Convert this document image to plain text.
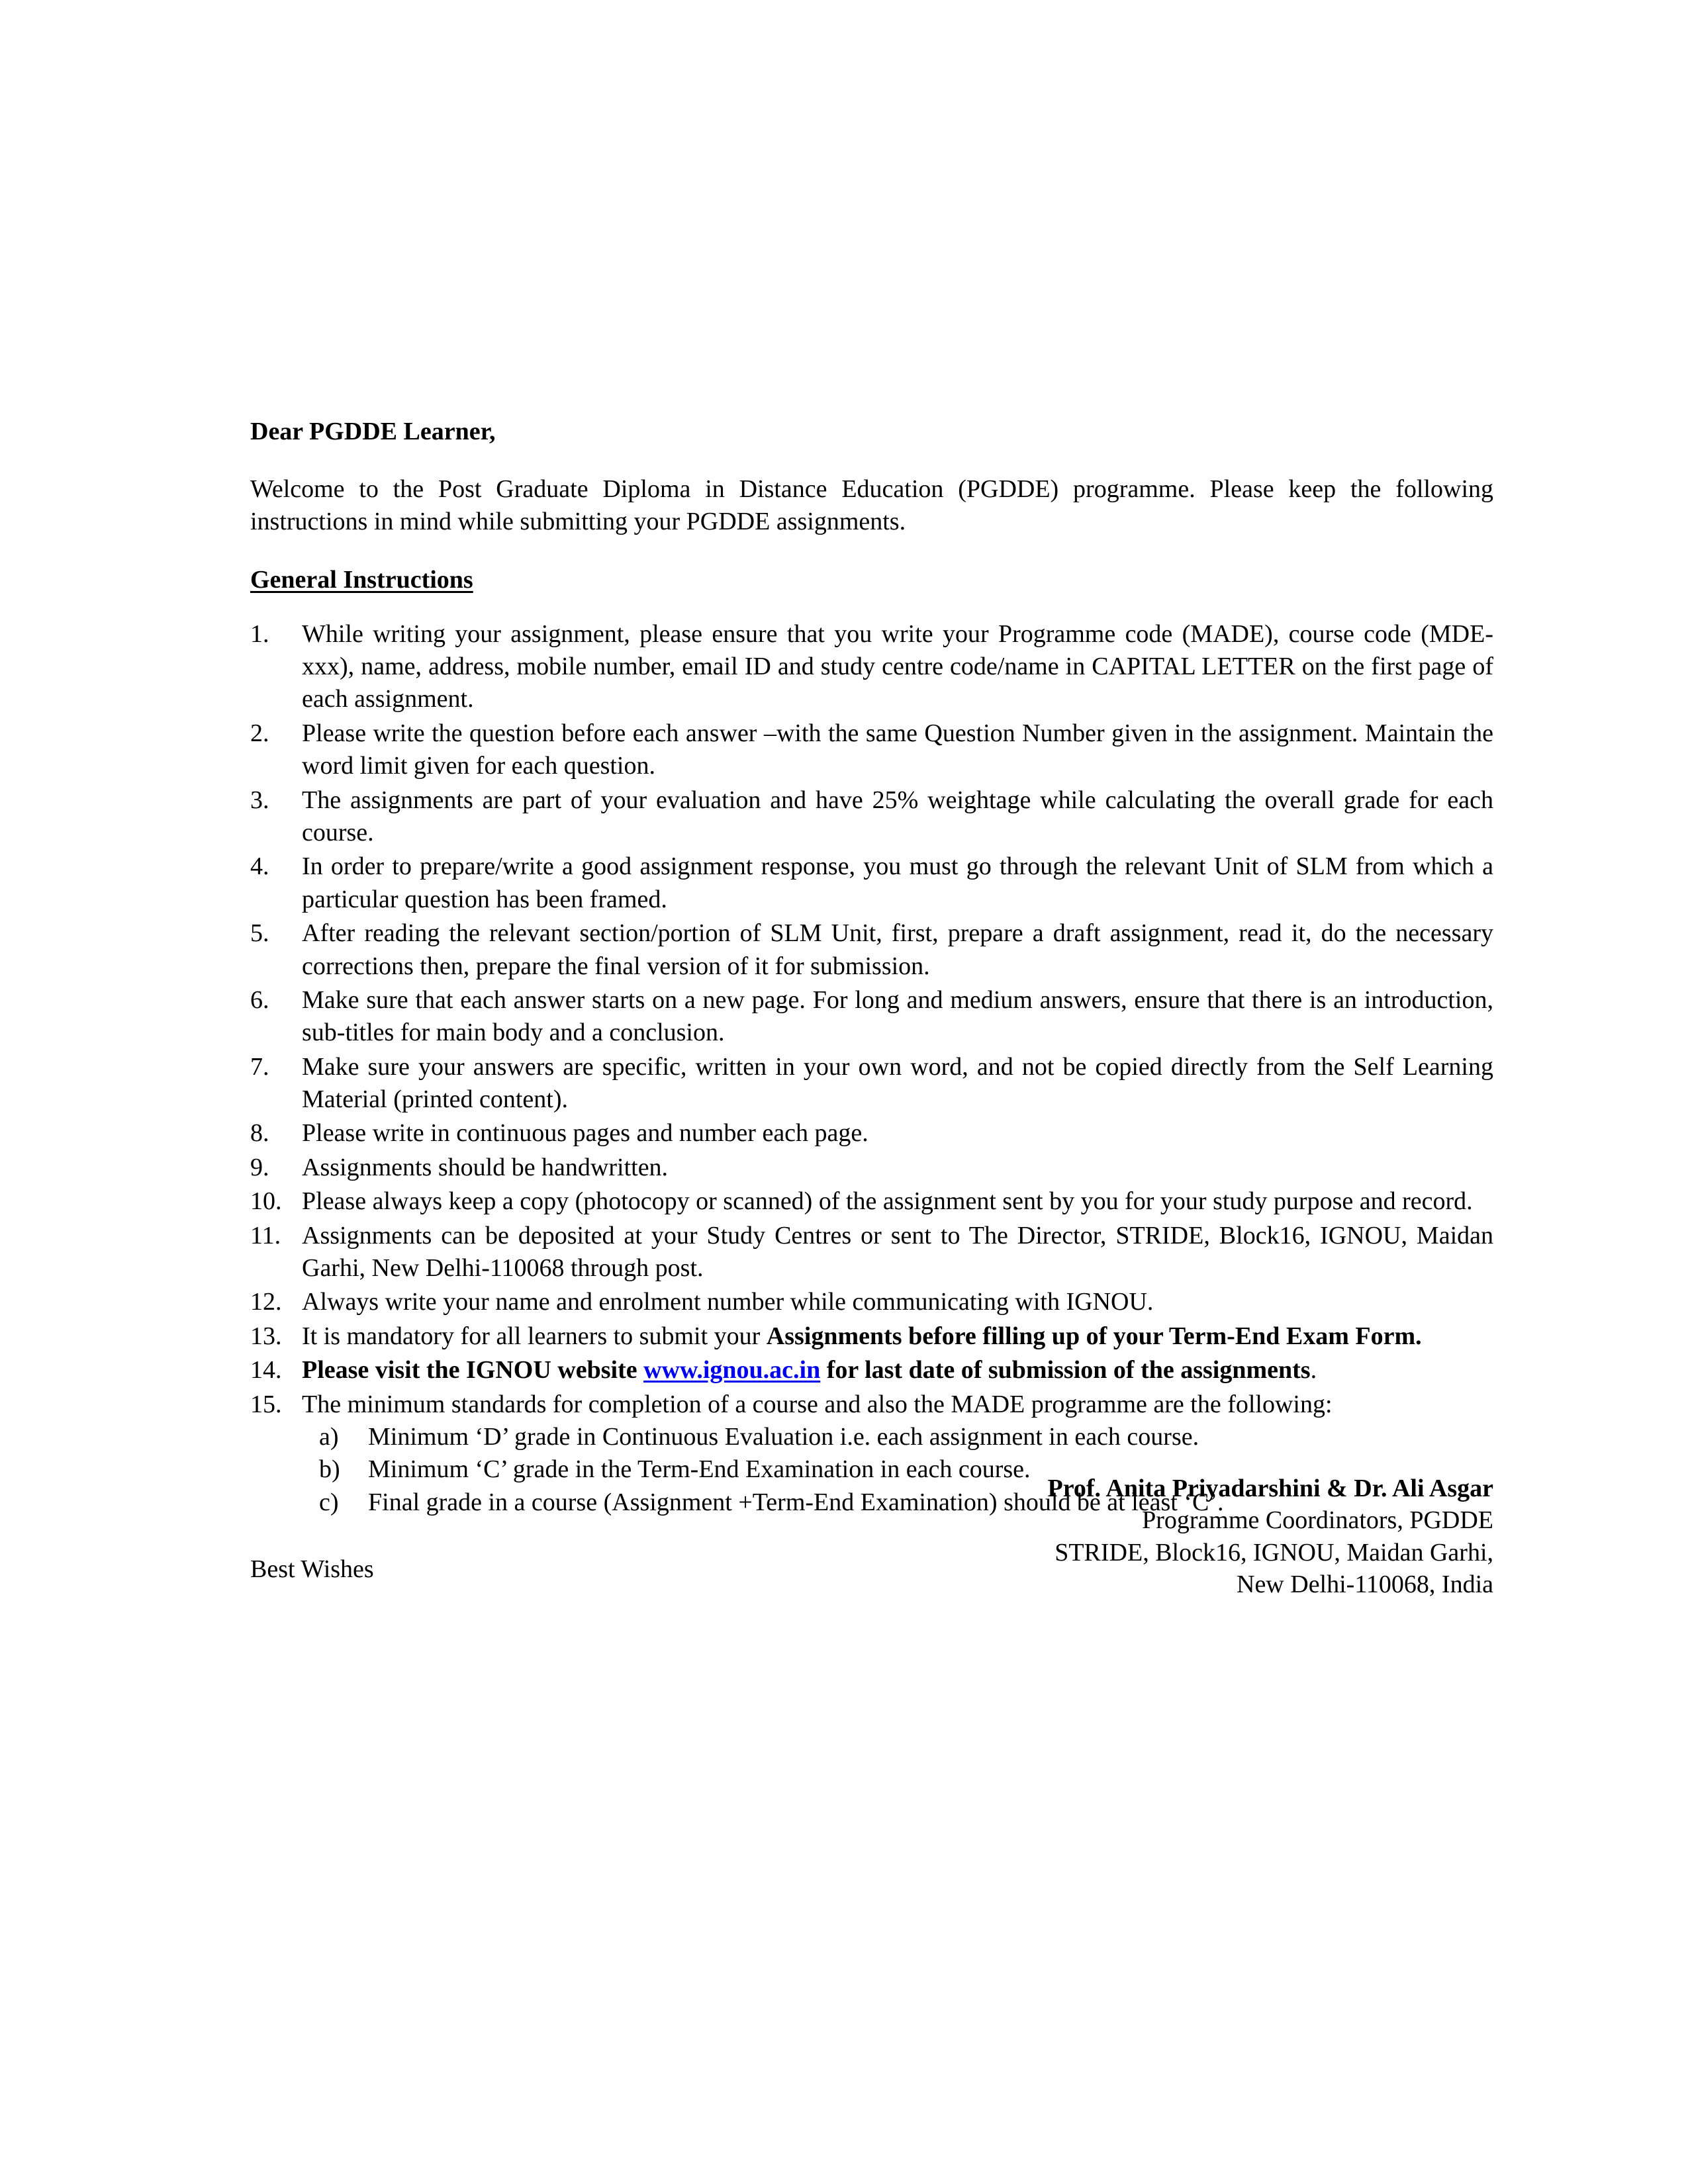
Dear PGDDE Learner,

Welcome to the Post Graduate Diploma in Distance Education (PGDDE) programme. Please keep the following instructions in mind while submitting your PGDDE assignments.

General Instructions
1.	While writing your assignment, please ensure that you write your Programme code (MADE), course code (MDE-xxx), name, address, mobile number, email ID and study centre code/name in CAPITAL LETTER on the first page of each assignment.
2.	Please write the question before each answer –with the same Question Number given in the assignment. Maintain the word limit given for each question.
3.	The assignments are part of your evaluation and have 25% weightage while calculating the overall grade for each course.
4.	In order to prepare/write a good assignment response, you must go through the relevant Unit of SLM from which a particular question has been framed.
5.	After reading the relevant section/portion of SLM Unit, first, prepare a draft assignment, read it, do the necessary corrections then, prepare the final version of it for submission.
6.	Make sure that each answer starts on a new page. For long and medium answers, ensure that there is an introduction, sub-titles for main body and a conclusion.
7.	Make sure your answers are specific, written in your own word, and not be copied directly from the Self Learning Material (printed content).
8.	Please write in continuous pages and number each page.
9.	Assignments should be handwritten.
10. Please always keep a copy (photocopy or scanned) of the assignment sent by you for your study purpose and record.
11. Assignments can be deposited at your Study Centres or sent to The Director, STRIDE, Block16, IGNOU, Maidan Garhi, New Delhi-110068 through post.
12. Always write your name and enrolment number while communicating with IGNOU.
13. It is mandatory for all learners to submit your Assignments before filling up of your Term-End Exam Form.
14. Please visit the IGNOU website www.ignou.ac.in for last date of submission of the assignments.
15. The minimum standards for completion of a course and also the MADE programme are the following:
a)	Minimum ‘D’ grade in Continuous Evaluation i.e. each assignment in each course.
b)	Minimum ‘C’ grade in the Term-End Examination in each course.
c)	Final grade in a course (Assignment +Term-End Examination) should be at least ‘C’.

Best Wishes

Prof. Anita Priyadarshini & Dr. Ali Asgar
Programme Coordinators, PGDDE
STRIDE, Block16, IGNOU, Maidan Garhi,
New Delhi-110068, India
